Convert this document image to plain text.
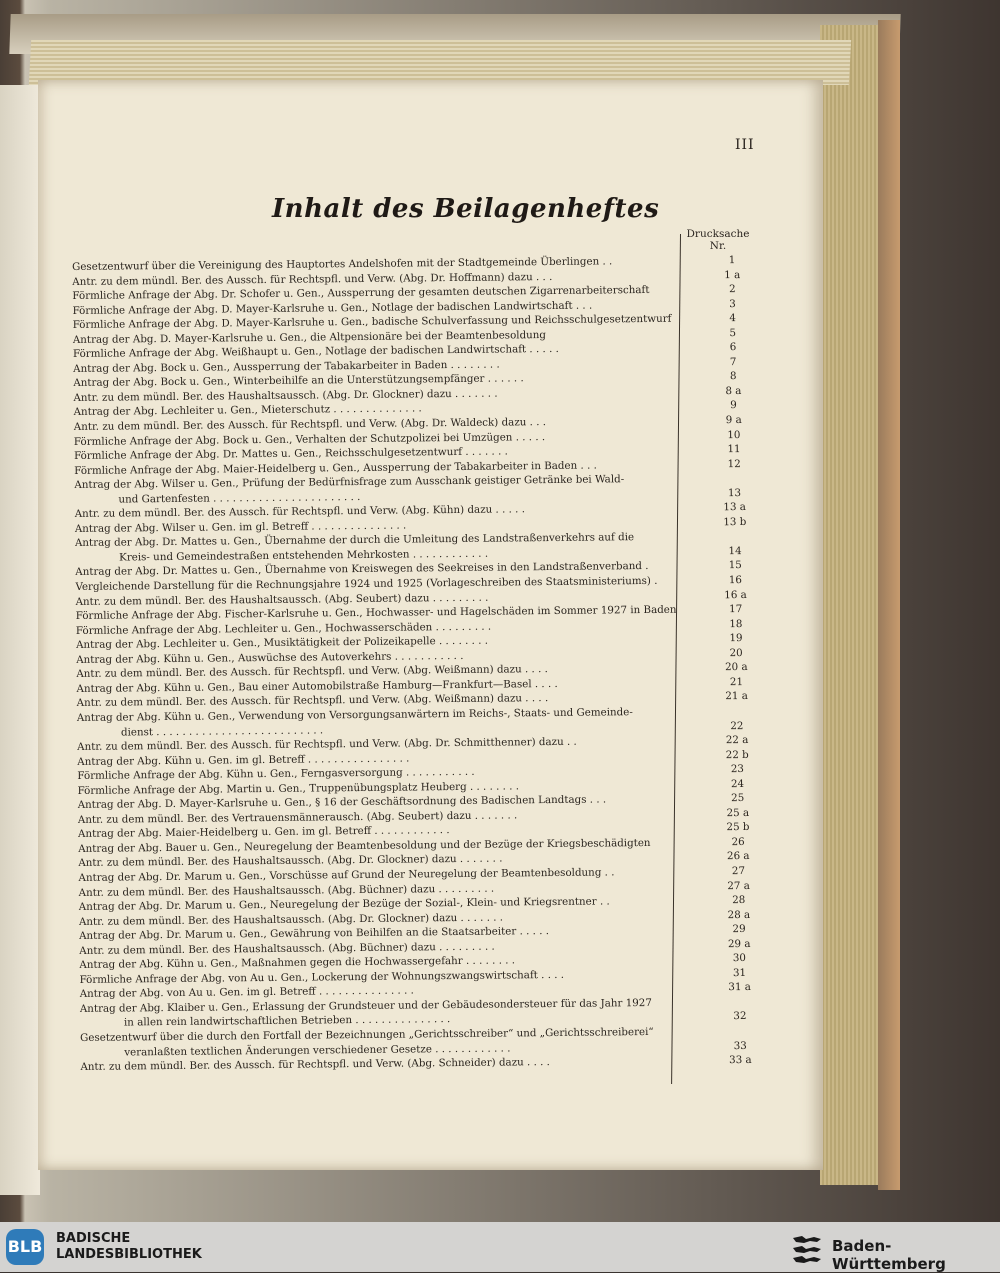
III
Inhalt des Beilagenheftes
Drucksache
Nr.
Gesetzentwurf über die Vereinigung des Hauptortes Andelshofen mit der Stadtgemeinde Überlingen . .	1
Antr. zu dem mündl. Ber. des Aussch. für Rechtspfl. und Verw. (Abg. Dr. Hoffmann) dazu . . .	1 a
Förmliche Anfrage der Abg. Dr. Schofer u. Gen., Aussperrung der gesamten deutschen Zigarrenarbeiterschaft	2
Förmliche Anfrage der Abg. D. Mayer-Karlsruhe u. Gen., Notlage der badischen Landwirtschaft . . .	3
Förmliche Anfrage der Abg. D. Mayer-Karlsruhe u. Gen., badische Schulverfassung und Reichsschulgesetzentwurf	4
Antrag der Abg. D. Mayer-Karlsruhe u. Gen., die Altpensionäre bei der Beamtenbesoldung	5
Förmliche Anfrage der Abg. Weißhaupt u. Gen., Notlage der badischen Landwirtschaft . . . . .	6
Antrag der Abg. Bock u. Gen., Aussperrung der Tabakarbeiter in Baden . . . . . . . .	7
Antrag der Abg. Bock u. Gen., Winterbeihilfe an die Unterstützungsempfänger . . . . . .	8
Antr. zu dem mündl. Ber. des Haushaltsaussch. (Abg. Dr. Glockner) dazu . . . . . . .	8 a
Antrag der Abg. Lechleiter u. Gen., Mieterschutz . . . . . . . . . . . . . .	9
Antr. zu dem mündl. Ber. des Aussch. für Rechtspfl. und Verw. (Abg. Dr. Waldeck) dazu . . .	9 a
Förmliche Anfrage der Abg. Bock u. Gen., Verhalten der Schutzpolizei bei Umzügen . . . . .	10
Förmliche Anfrage der Abg. Dr. Mattes u. Gen., Reichsschulgesetzentwurf . . . . . . .	11
Förmliche Anfrage der Abg. Maier-Heidelberg u. Gen., Aussperrung der Tabakarbeiter in Baden . . .	12
Antrag der Abg. Wilser u. Gen., Prüfung der Bedürfnisfrage zum Ausschank geistiger Getränke bei Wald-
und Gartenfesten . . . . . . . . . . . . . . . . . . . . . . .	13
Antr. zu dem mündl. Ber. des Aussch. für Rechtspfl. und Verw. (Abg. Kühn) dazu . . . . .	13 a
Antrag der Abg. Wilser u. Gen. im gl. Betreff . . . . . . . . . . . . . . .	13 b
Antrag der Abg. Dr. Mattes u. Gen., Übernahme der durch die Umleitung des Landstraßenverkehrs auf die
Kreis- und Gemeindestraßen entstehenden Mehrkosten . . . . . . . . . . . .	14
Antrag der Abg. Dr. Mattes u. Gen., Übernahme von Kreiswegen des Seekreises in den Landstraßenverband .	15
Vergleichende Darstellung für die Rechnungsjahre 1924 und 1925 (Vorlageschreiben des Staatsministeriums) .	16
Antr. zu dem mündl. Ber. des Haushaltsaussch. (Abg. Seubert) dazu . . . . . . . . .	16 a
Förmliche Anfrage der Abg. Fischer-Karlsruhe u. Gen., Hochwasser- und Hagelschäden im Sommer 1927 in Baden	17
Förmliche Anfrage der Abg. Lechleiter u. Gen., Hochwasserschäden . . . . . . . . .	18
Antrag der Abg. Lechleiter u. Gen., Musiktätigkeit der Polizeikapelle . . . . . . . .	19
Antrag der Abg. Kühn u. Gen., Auswüchse des Autoverkehrs . . . . . . . . . . .	20
Antr. zu dem mündl. Ber. des Aussch. für Rechtspfl. und Verw. (Abg. Weißmann) dazu . . . .	20 a
Antrag der Abg. Kühn u. Gen., Bau einer Automobilstraße Hamburg—Frankfurt—Basel . . . .	21
Antr. zu dem mündl. Ber. des Aussch. für Rechtspfl. und Verw. (Abg. Weißmann) dazu . . . .	21 a
Antrag der Abg. Kühn u. Gen., Verwendung von Versorgungsanwärtern im Reichs-, Staats- und Gemeinde-
dienst . . . . . . . . . . . . . . . . . . . . . . . . . .	22
Antr. zu dem mündl. Ber. des Aussch. für Rechtspfl. und Verw. (Abg. Dr. Schmitthenner) dazu . .	22 a
Antrag der Abg. Kühn u. Gen. im gl. Betreff . . . . . . . . . . . . . . . .	22 b
Förmliche Anfrage der Abg. Kühn u. Gen., Ferngasversorgung . . . . . . . . . . .	23
Förmliche Anfrage der Abg. Martin u. Gen., Truppenübungsplatz Heuberg . . . . . . . .	24
Antrag der Abg. D. Mayer-Karlsruhe u. Gen., § 16 der Geschäftsordnung des Badischen Landtags . . .	25
Antr. zu dem mündl. Ber. des Vertrauensmännerausch. (Abg. Seubert) dazu . . . . . . .	25 a
Antrag der Abg. Maier-Heidelberg u. Gen. im gl. Betreff . . . . . . . . . . . .	25 b
Antrag der Abg. Bauer u. Gen., Neuregelung der Beamtenbesoldung und der Bezüge der Kriegsbeschädigten	26
Antr. zu dem mündl. Ber. des Haushaltsaussch. (Abg. Dr. Glockner) dazu . . . . . . .	26 a
Antrag der Abg. Dr. Marum u. Gen., Vorschüsse auf Grund der Neuregelung der Beamtenbesoldung . .	27
Antr. zu dem mündl. Ber. des Haushaltsaussch. (Abg. Büchner) dazu . . . . . . . . .	27 a
Antrag der Abg. Dr. Marum u. Gen., Neuregelung der Bezüge der Sozial-, Klein- und Kriegsrentner . .	28
Antr. zu dem mündl. Ber. des Haushaltsaussch. (Abg. Dr. Glockner) dazu . . . . . . .	28 a
Antrag der Abg. Dr. Marum u. Gen., Gewährung von Beihilfen an die Staatsarbeiter . . . . .	29
Antr. zu dem mündl. Ber. des Haushaltsaussch. (Abg. Büchner) dazu . . . . . . . . .	29 a
Antrag der Abg. Kühn u. Gen., Maßnahmen gegen die Hochwassergefahr . . . . . . . .	30
Förmliche Anfrage der Abg. von Au u. Gen., Lockerung der Wohnungszwangswirtschaft . . . .	31
Antrag der Abg. von Au u. Gen. im gl. Betreff . . . . . . . . . . . . . . .	31 a
Antrag der Abg. Klaiber u. Gen., Erlassung der Grundsteuer und der Gebäudesondersteuer für das Jahr 1927
in allen rein landwirtschaftlichen Betrieben . . . . . . . . . . . . . . .	32
Gesetzentwurf über die durch den Fortfall der Bezeichnungen „Gerichtsschreiber“ und „Gerichtsschreiberei“
veranlaßten textlichen Änderungen verschiedener Gesetze . . . . . . . . . . . .	33
Antr. zu dem mündl. Ber. des Aussch. für Rechtspfl. und Verw. (Abg. Schneider) dazu . . . .	33 a
BLB BADISCHE
LANDESBIBLIOTHEK	Baden-Württemberg
